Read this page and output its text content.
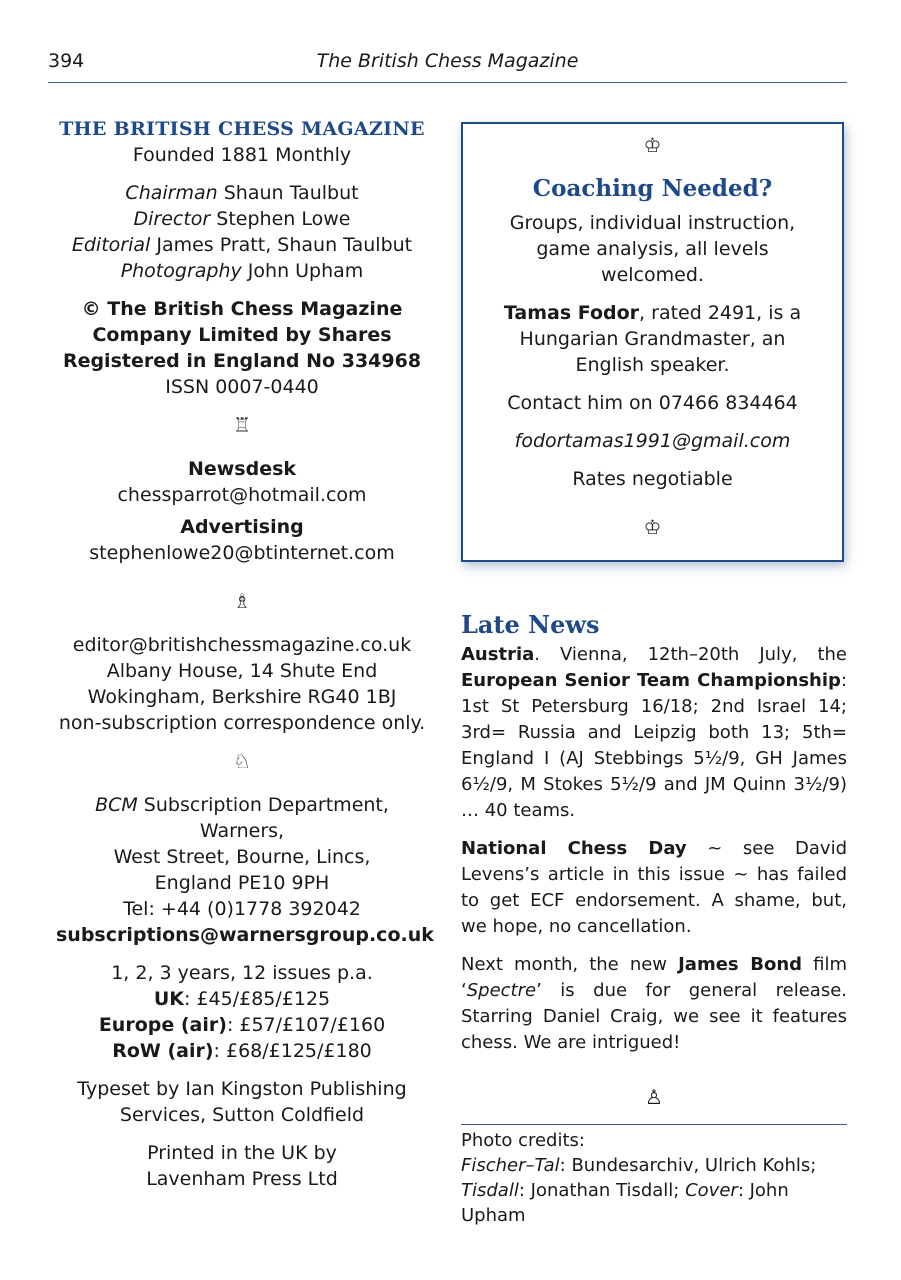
394	The British Chess Magazine
THE BRITISH CHESS MAGAZINE
Founded 1881 Monthly
Chairman Shaun Taulbut
Director Stephen Lowe
Editorial James Pratt, Shaun Taulbut
Photography John Upham
© The British Chess Magazine
Company Limited by Shares
Registered in England No 334968
ISSN 0007-0440
♖
Newsdesk
chessparrot@hotmail.com
Advertising
stephenlowe20@btinternet.com
♗
editor@britishchessmagazine.co.uk
Albany House, 14 Shute End
Wokingham, Berkshire RG40 1BJ
non-subscription correspondence only.
♘
BCM Subscription Department, Warners,
West Street, Bourne, Lincs,
England PE10 9PH
Tel: +44 (0)1778 392042
subscriptions@warnersgroup.co.uk
1, 2, 3 years, 12 issues p.a.
UK: £45/£85/£125
Europe (air): £57/£107/£160
RoW (air): £68/£125/£180
Typeset by Ian Kingston Publishing
Services, Sutton Coldfield
Printed in the UK by
Lavenham Press Ltd
♔
Coaching Needed?

Groups, individual instruction, game analysis, all levels welcomed.

Tamas Fodor, rated 2491, is a Hungarian Grandmaster, an English speaker.

Contact him on 07466 834464

fodortamas1991@gmail.com

Rates negotiable

♔
Late News

Austria. Vienna, 12th–20th July, the European Senior Team Championship: 1st St Petersburg 16/18; 2nd Israel 14; 3rd= Russia and Leipzig both 13; 5th= England I (AJ Stebbings 5½/9, GH James 6½/9, M Stokes 5½/9 and JM Quinn 3½/9) … 40 teams.

National Chess Day ~ see David Levens’s article in this issue ~ has failed to get ECF endorsement. A shame, but, we hope, no cancellation.

Next month, the new James Bond film ‘Spectre’ is due for general release. Starring Daniel Craig, we see it features chess. We are intrigued!

♙
Photo credits:
Fischer–Tal: Bundesarchiv, Ulrich Kohls; Tisdall: Jonathan Tisdall; Cover: John Upham
